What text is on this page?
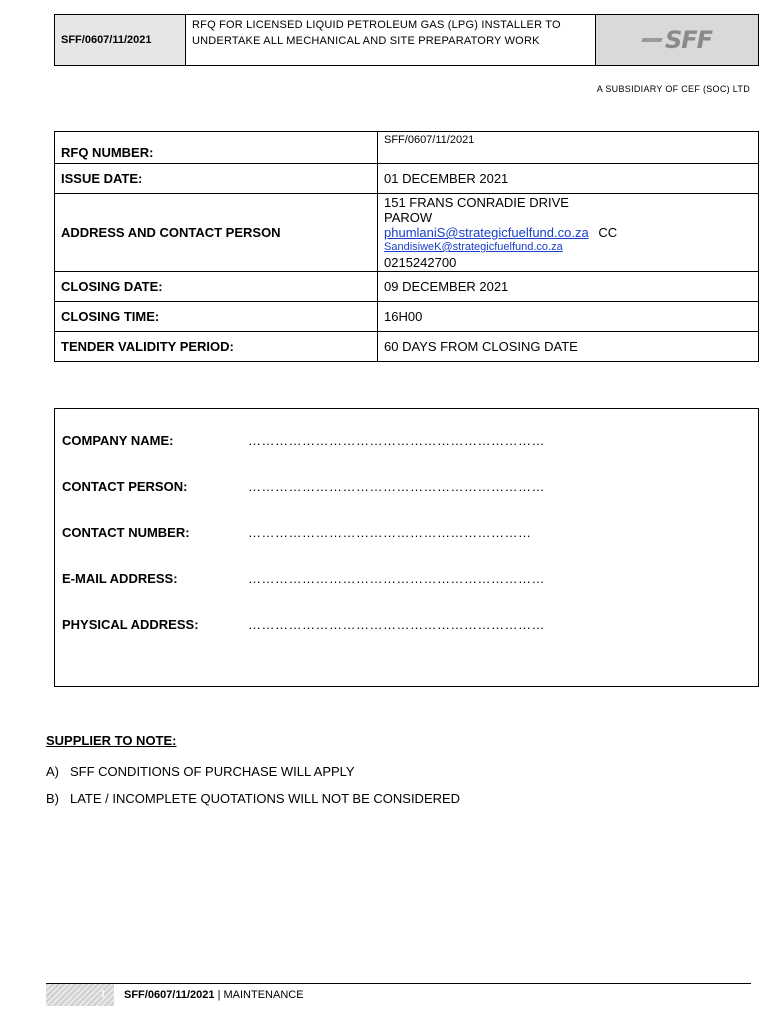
SFF/0607/11/2021
RFQ FOR LICENSED LIQUID PETROLEUM GAS (LPG) INSTALLER TO
UNDERTAKE ALL MECHANICAL AND SITE PREPARATORY WORK	SFF
A SUBSIDIARY OF CEF (SOC) LTD
RFQ NUMBER:	SFF/0607/11/2021
ISSUE DATE:	01 DECEMBER 2021
ADDRESS AND CONTACT PERSON	151 FRANS CONRADIE DRIVE
PAROW
phumlaniS@strategicfuelfund.co.za CC
SandisiweK@strategicfuelfund.co.za
0215242700

CLOSING DATE:	09 DECEMBER 2021
CLOSING TIME:	16H00
TENDER VALIDITY PERIOD:	60 DAYS FROM CLOSING DATE
COMPANY NAME:	…………………………………………………………
CONTACT PERSON:	…………………………………………………………
CONTACT NUMBER:	………………………………………………………
E-MAIL ADDRESS:	…………………………………………………………
PHYSICAL ADDRESS:	…………………………………………………………
SUPPLIER TO NOTE:
A) SFF CONDITIONS OF PURCHASE WILL APPLY
B) LATE / INCOMPLETE QUOTATIONS WILL NOT BE CONSIDERED
1	SFF/0607/11/2021 | MAINTENANCE
